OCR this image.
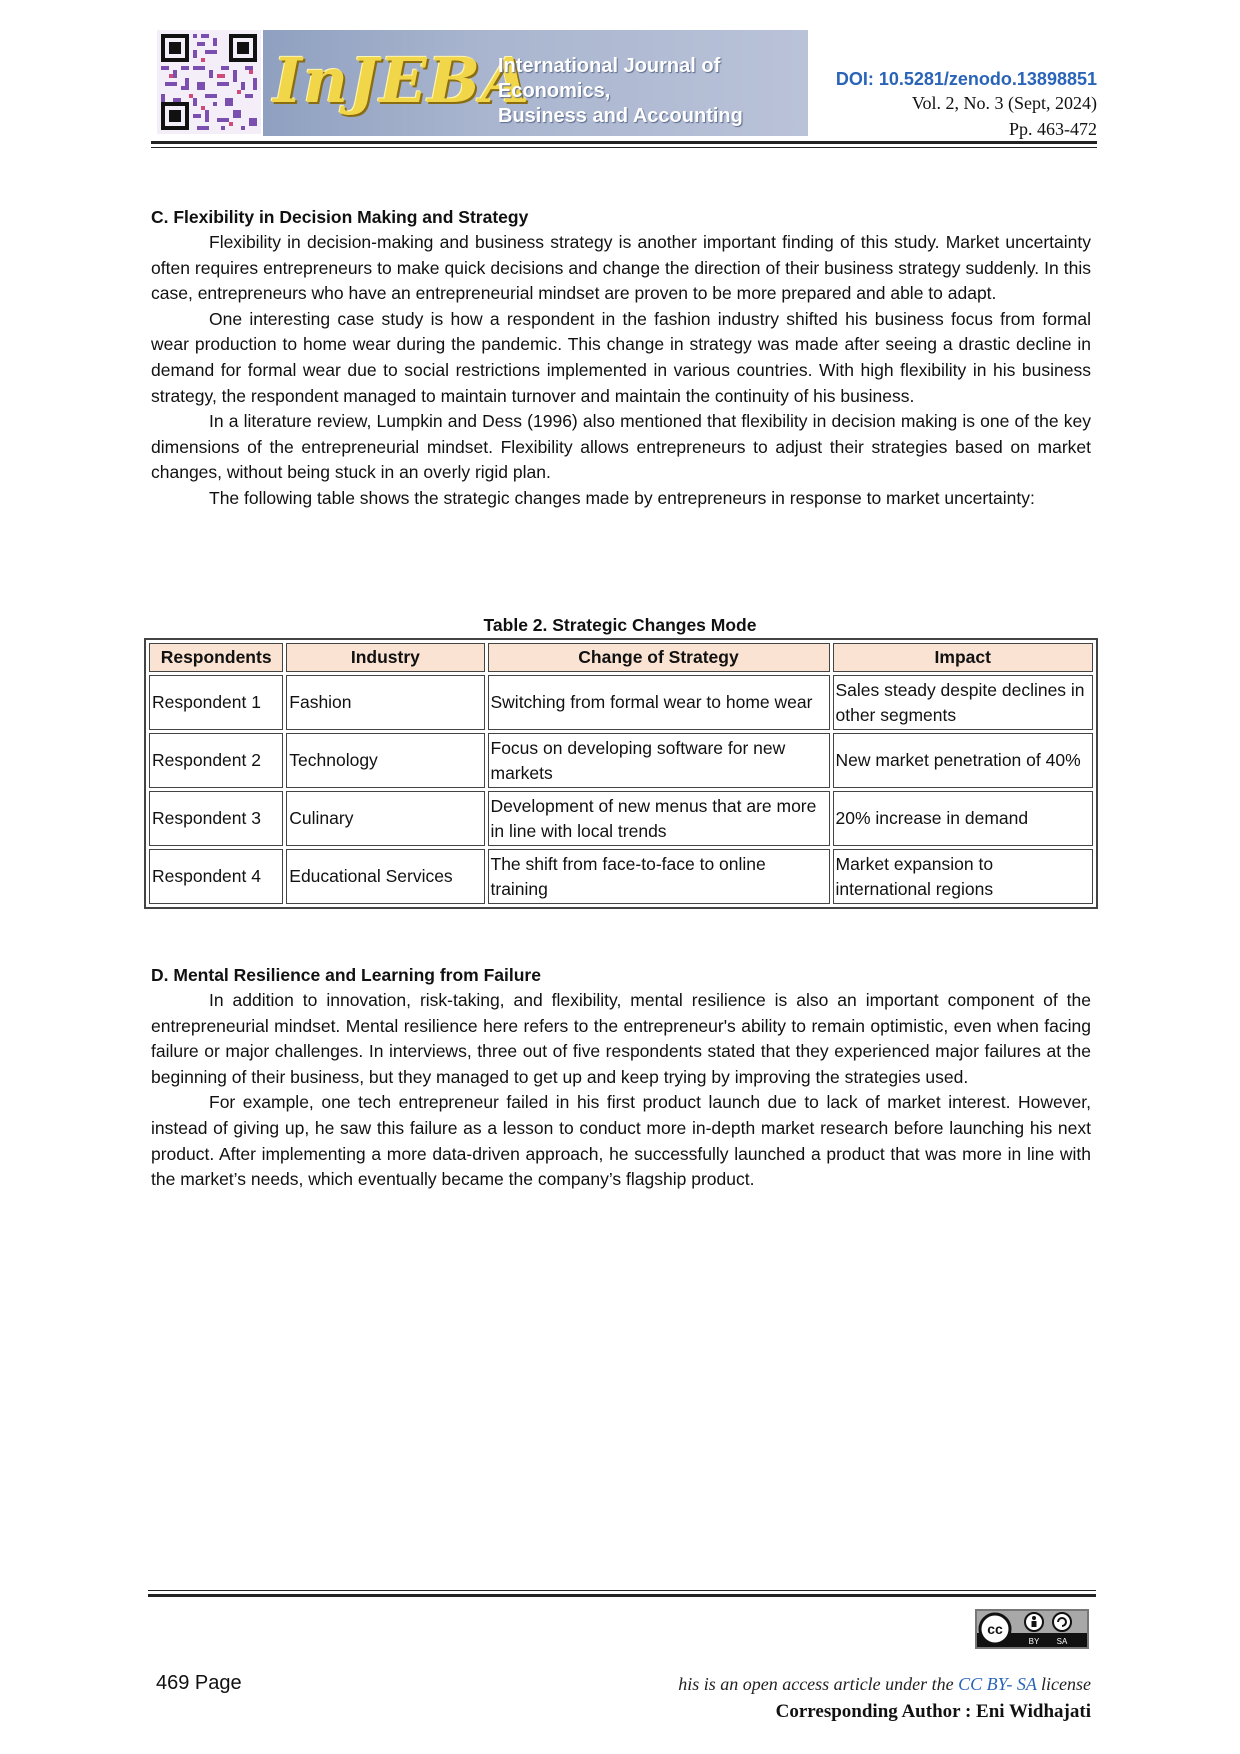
InJEBA
International Journal of Economics,
Business and Accounting
DOI: 10.5281/zenodo.13898851
Vol. 2, No. 3 (Sept, 2024)
Pp. 463-472

C. Flexibility in Decision Making and Strategy

Flexibility in decision-making and business strategy is another important finding of this study. Market uncertainty often requires entrepreneurs to make quick decisions and change the direction of their business strategy suddenly. In this case, entrepreneurs who have an entrepreneurial mindset are proven to be more prepared and able to adapt.

One interesting case study is how a respondent in the fashion industry shifted his business focus from formal wear production to home wear during the pandemic. This change in strategy was made after seeing a drastic decline in demand for formal wear due to social restrictions implemented in various countries. With high flexibility in his business strategy, the respondent managed to maintain turnover and maintain the continuity of his business.

In a literature review, Lumpkin and Dess (1996) also mentioned that flexibility in decision making is one of the key dimensions of the entrepreneurial mindset. Flexibility allows entrepreneurs to adjust their strategies based on market changes, without being stuck in an overly rigid plan.

The following table shows the strategic changes made by entrepreneurs in response to market uncertainty:

Table 2. Strategic Changes Mode
Respondents	Industry	Change of Strategy	Impact
Respondent 1	Fashion	Switching from formal wear to home wear	Sales steady despite declines in other segments
Respondent 2	Technology	Focus on developing software for new markets	New market penetration of 40%
Respondent 3	Culinary	Development of new menus that are more in line with local trends	20% increase in demand
Respondent 4	Educational Services	The shift from face-to-face to online training	Market expansion to international regions

D. Mental Resilience and Learning from Failure

In addition to innovation, risk-taking, and flexibility, mental resilience is also an important component of the entrepreneurial mindset. Mental resilience here refers to the entrepreneur's ability to remain optimistic, even when facing failure or major challenges. In interviews, three out of five respondents stated that they experienced major failures at the beginning of their business, but they managed to get up and keep trying by improving the strategies used.

For example, one tech entrepreneur failed in his first product launch due to lack of market interest. However, instead of giving up, he saw this failure as a lesson to conduct more in-depth market research before launching his next product. After implementing a more data-driven approach, he successfully launched a product that was more in line with the market’s needs, which eventually became the company’s flagship product.

cc
BY SA
469 Page	his is an open access article under the CC BY- SA license
Corresponding Author : Eni Widhajati
